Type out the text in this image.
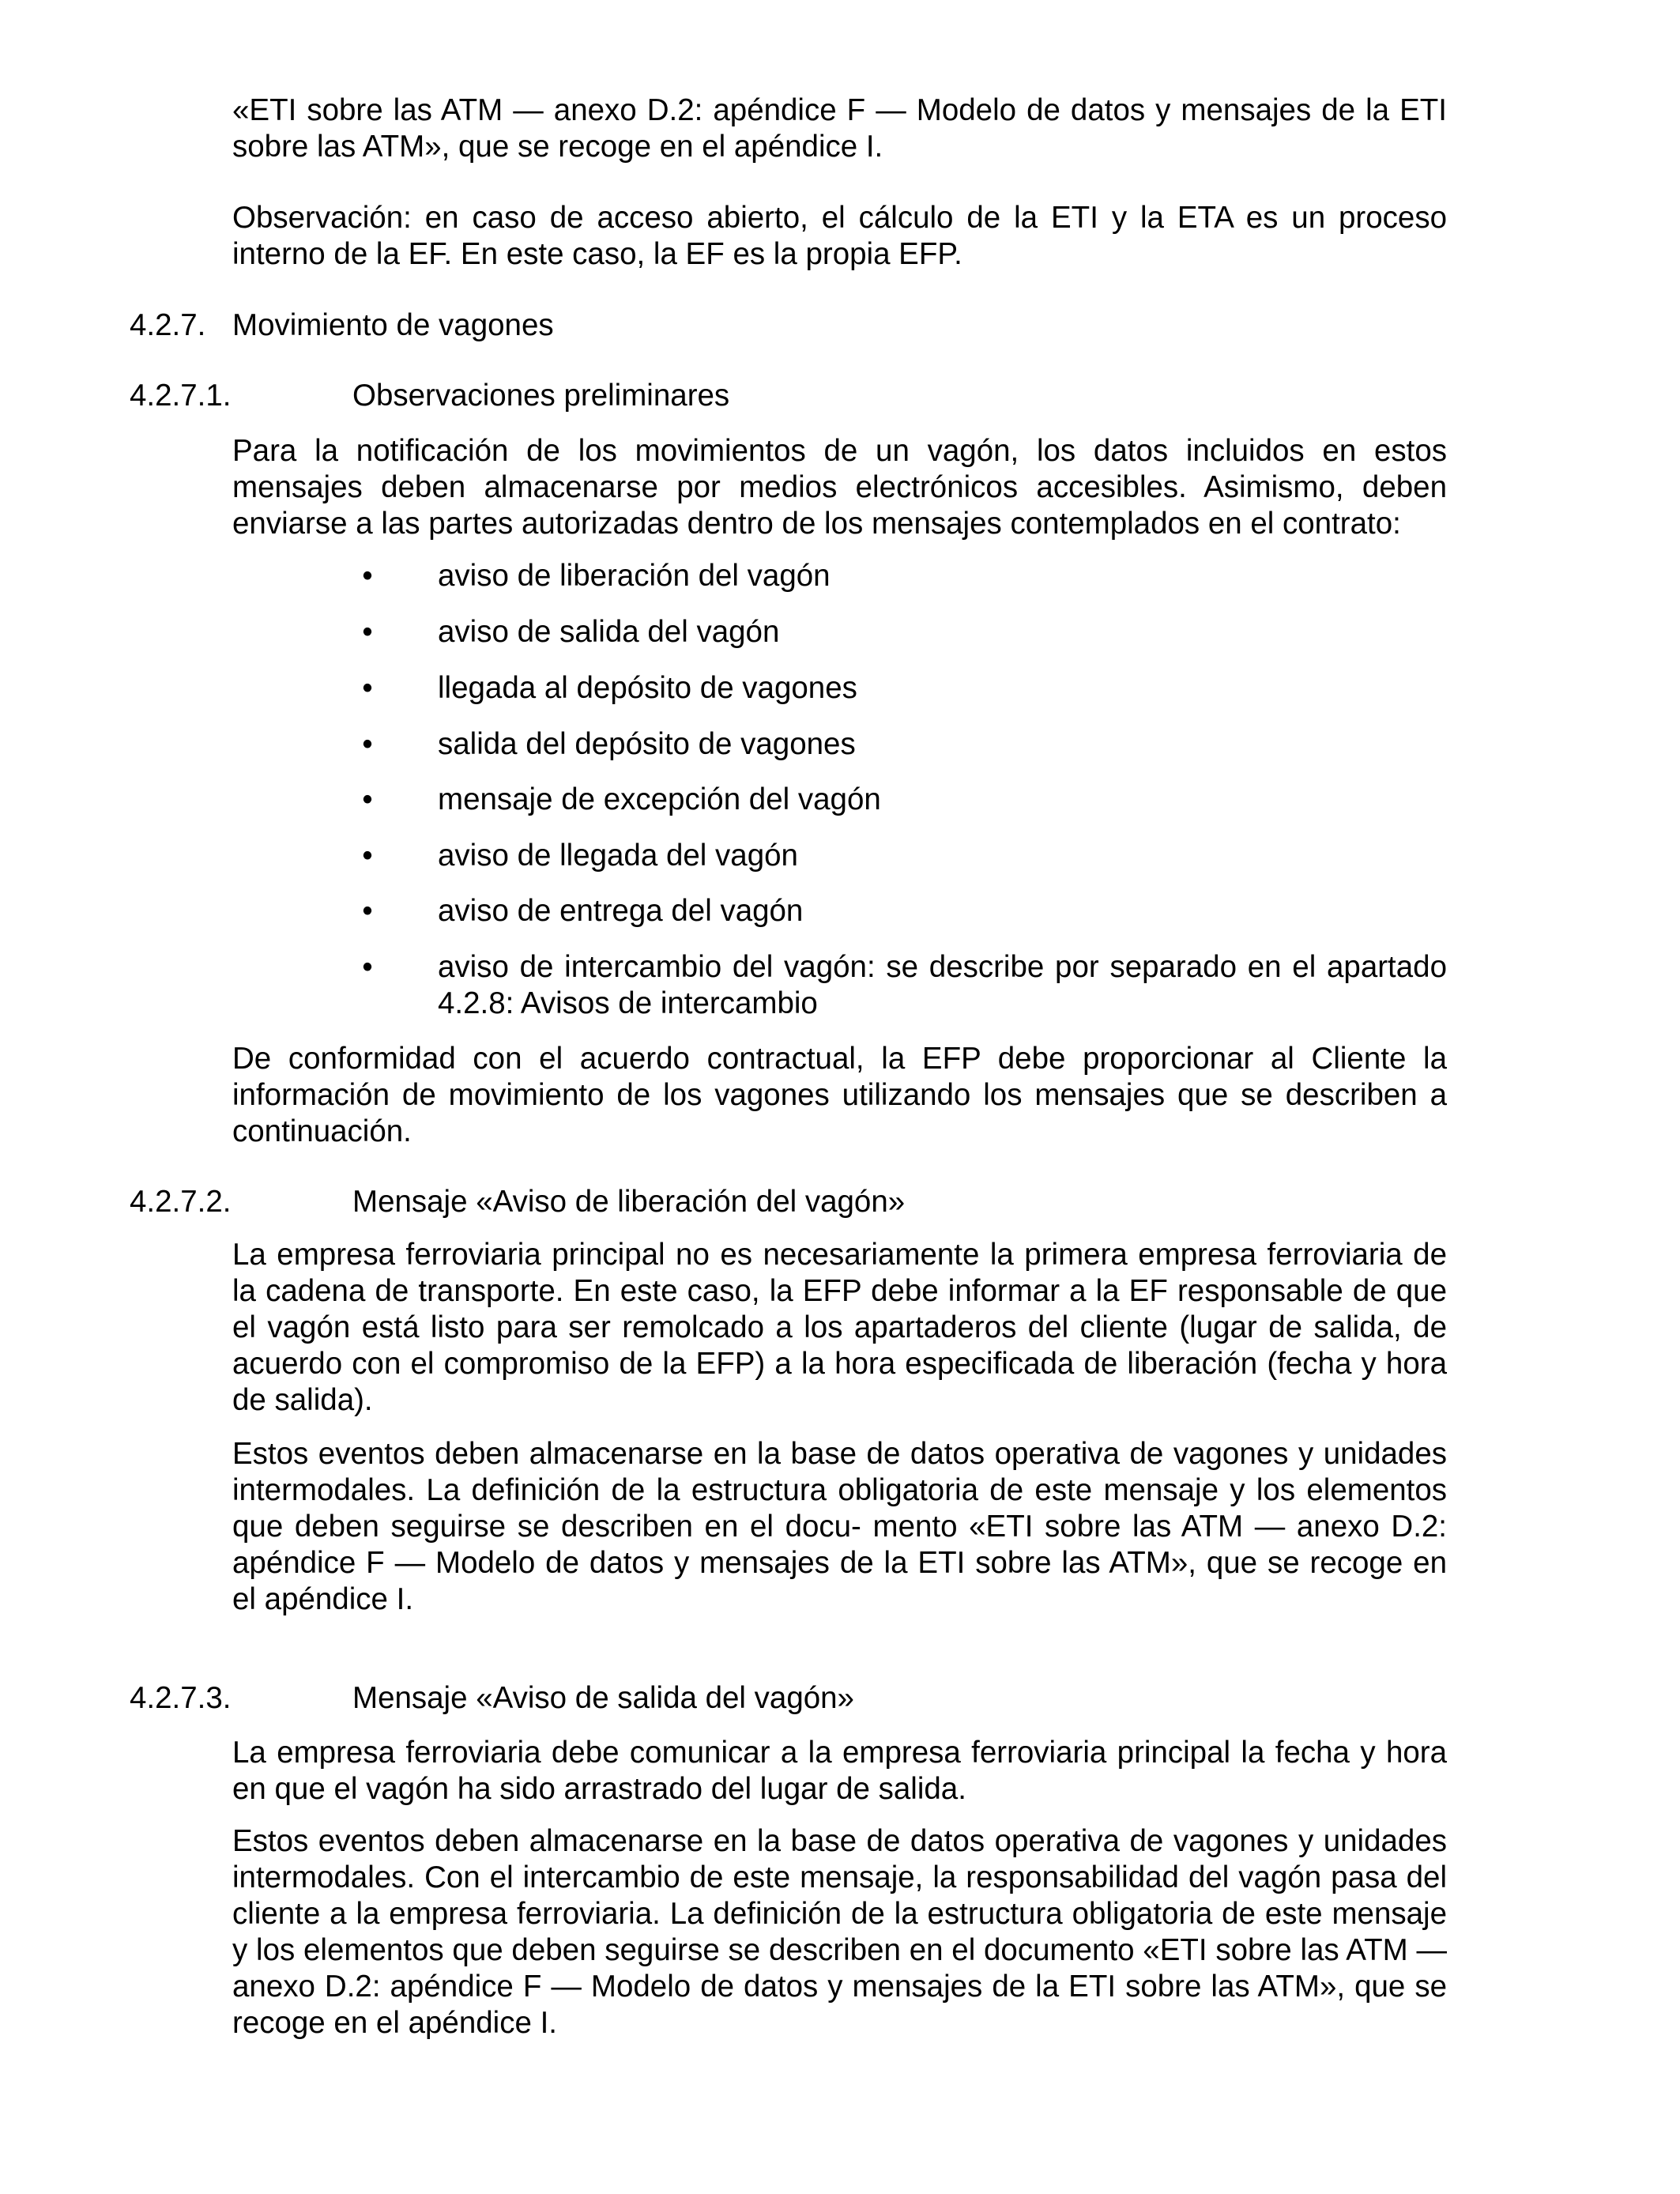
«ETI sobre las ATM — anexo D.2: apéndice F — Modelo de datos y mensajes de la ETI sobre las ATM», que se recoge en el apéndice I.

Observación: en caso de acceso abierto, el cálculo de la ETI y la ETA es un proceso interno de la EF. En este caso, la EF es la propia EFP.

4.2.7. Movimiento de vagones
4.2.7.1.	Observaciones preliminares

Para la notificación de los movimientos de un vagón, los datos incluidos en estos mensajes deben almacenarse por medios electrónicos accesibles. Asimismo, deben enviarse a las partes autorizadas dentro de los mensajes contemplados en el contrato:

• aviso de liberación del vagón
• aviso de salida del vagón
• llegada al depósito de vagones
• salida del depósito de vagones
• mensaje de excepción del vagón
• aviso de llegada del vagón
• aviso de entrega del vagón
• aviso de intercambio del vagón: se describe por separado en el apartado 4.2.8: Avisos de intercambio

De conformidad con el acuerdo contractual, la EFP debe proporcionar al Cliente la información de movimiento de los vagones utilizando los mensajes que se describen a continuación.

4.2.7.2.	Mensaje «Aviso de liberación del vagón»

La empresa ferroviaria principal no es necesariamente la primera empresa ferroviaria de la cadena de transporte. En este caso, la EFP debe informar a la EF responsable de que el vagón está listo para ser remolcado a los apartaderos del cliente (lugar de salida, de acuerdo con el compromiso de la EFP) a la hora especificada de liberación (fecha y hora de salida).

Estos eventos deben almacenarse en la base de datos operativa de vagones y unidades intermodales. La definición de la estructura obligatoria de este mensaje y los elementos que deben seguirse se describen en el docu- mento «ETI sobre las ATM — anexo D.2: apéndice F — Modelo de datos y mensajes de la ETI sobre las ATM», que se recoge en el apéndice I.

4.2.7.3.	Mensaje «Aviso de salida del vagón»

La empresa ferroviaria debe comunicar a la empresa ferroviaria principal la fecha y hora en que el vagón ha sido arrastrado del lugar de salida.

Estos eventos deben almacenarse en la base de datos operativa de vagones y unidades intermodales. Con el intercambio de este mensaje, la responsabilidad del vagón pasa del cliente a la empresa ferroviaria. La definición de la estructura obligatoria de este mensaje y los elementos que deben seguirse se describen en el documento «ETI sobre las ATM — anexo D.2: apéndice F — Modelo de datos y mensajes de la ETI sobre las ATM», que se recoge en el apéndice I.
